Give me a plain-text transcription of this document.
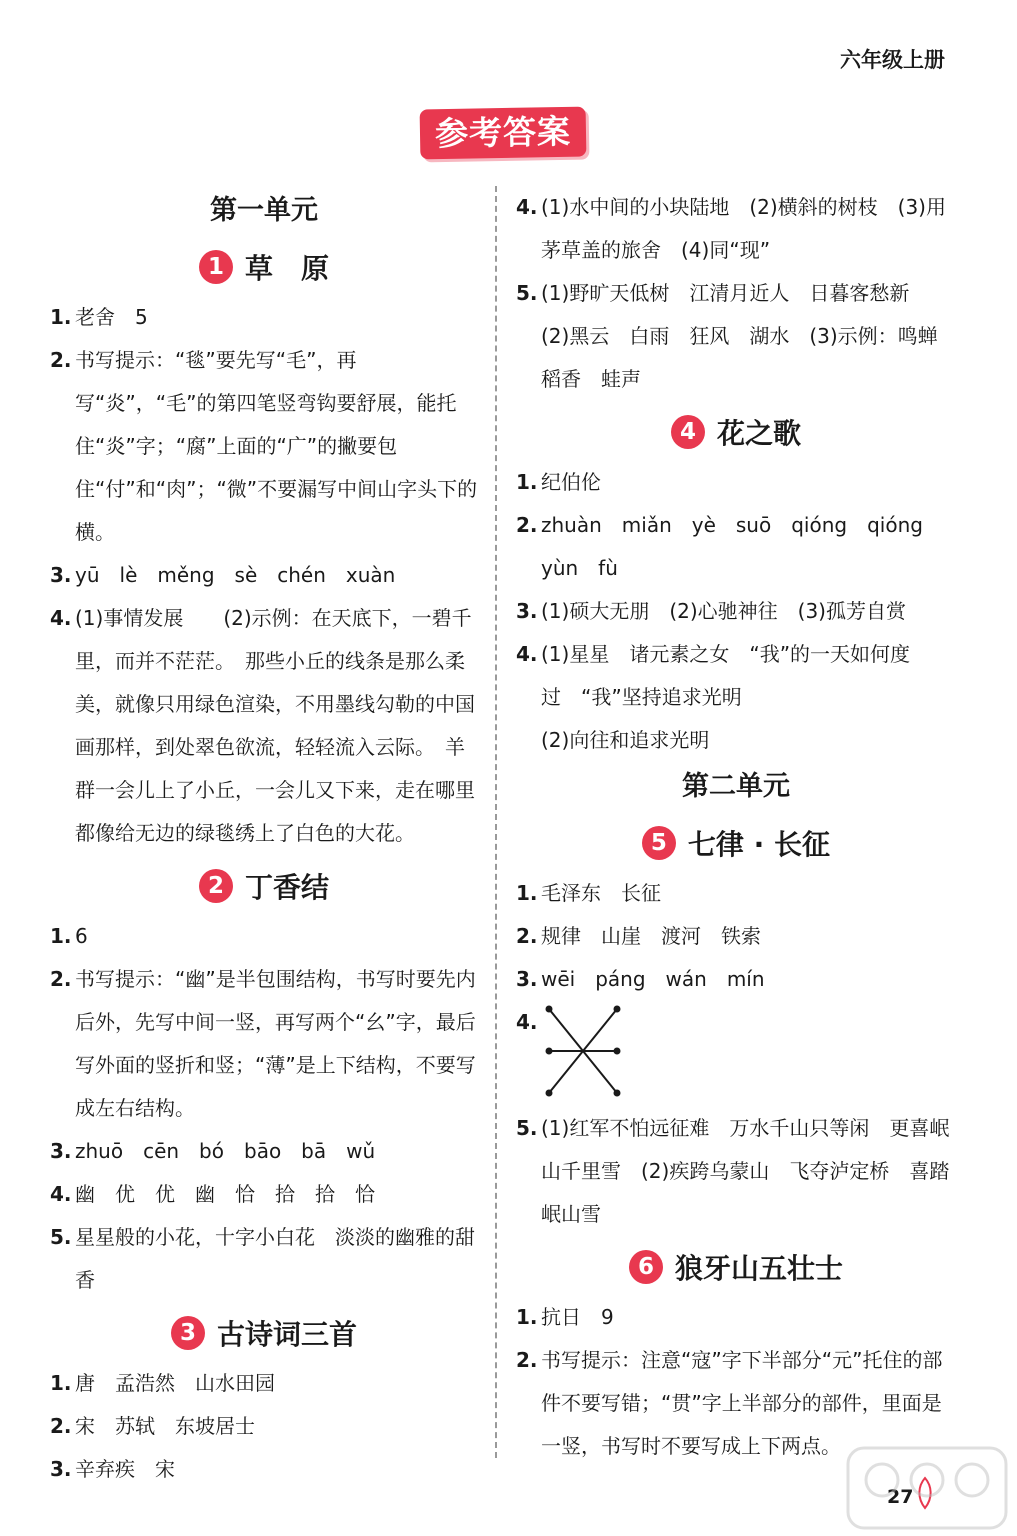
六年级上册
参考答案
第一单元
1 草　原
1. 老舍　5
2. 书写提示：“毯”要先写“毛”，再写“炎”，“毛”的第四笔竖弯钩要舒展，能托住“炎”字；“腐”上面的“广”的撇要包住“付”和“肉”；“微”不要漏写中间山字头下的横。
3. yū　lè　měng　sè　chén　xuàn
4. (1)事情发展　　(2)示例：在天底下，一碧千里，而并不茫茫。　那些小丘的线条是那么柔美，就像只用绿色渲染，不用墨线勾勒的中国画那样，到处翠色欲流，轻轻流入云际。　羊群一会儿上了小丘，一会儿又下来，走在哪里都像给无边的绿毯绣上了白色的大花。
2 丁香结
1. 6
2. 书写提示：“幽”是半包围结构，书写时要先内后外，先写中间一竖，再写两个“幺”字，最后写外面的竖折和竖；“薄”是上下结构，不要写成左右结构。
3. zhuō　cēn　bó　bāo　bā　wǔ
4. 幽　优　优　幽　恰　拾　拾　恰
5. 星星般的小花，十字小白花　淡淡的幽雅的甜香
3 古诗词三首
1. 唐　孟浩然　山水田园
2. 宋　苏轼　东坡居士
3. 辛弃疾　宋
4. (1)水中间的小块陆地　(2)横斜的树枝　(3)用茅草盖的旅舍　(4)同“现”
5. (1)野旷天低树　江清月近人　日暮客愁新　(2)黑云　白雨　狂风　湖水　(3)示例：鸣蝉　稻香　蛙声
4 花之歌
1. 纪伯伦
2. zhuàn　miǎn　yè　suō　qióng　qióng　yùn　fù
3. (1)硕大无朋　(2)心驰神往　(3)孤芳自赏
4. (1)星星　诸元素之女　“我”的一天如何度过　“我”坚持追求光明
(2)向往和追求光明
第二单元
5 七律 · 长征
1. 毛泽东　长征
2. 规律　山崖　渡河　铁索
3. wēi　páng　wán　mín
4.
5. (1)红军不怕远征难　万水千山只等闲　更喜岷山千里雪　(2)疾跨乌蒙山　飞夺泸定桥　喜踏岷山雪
6 狼牙山五壮士
1. 抗日　9
2. 书写提示：注意“寇”字下半部分“元”托住的部件不要写错；“贯”字上半部分的部件，里面是一竖，书写时不要写成上下两点。
27
